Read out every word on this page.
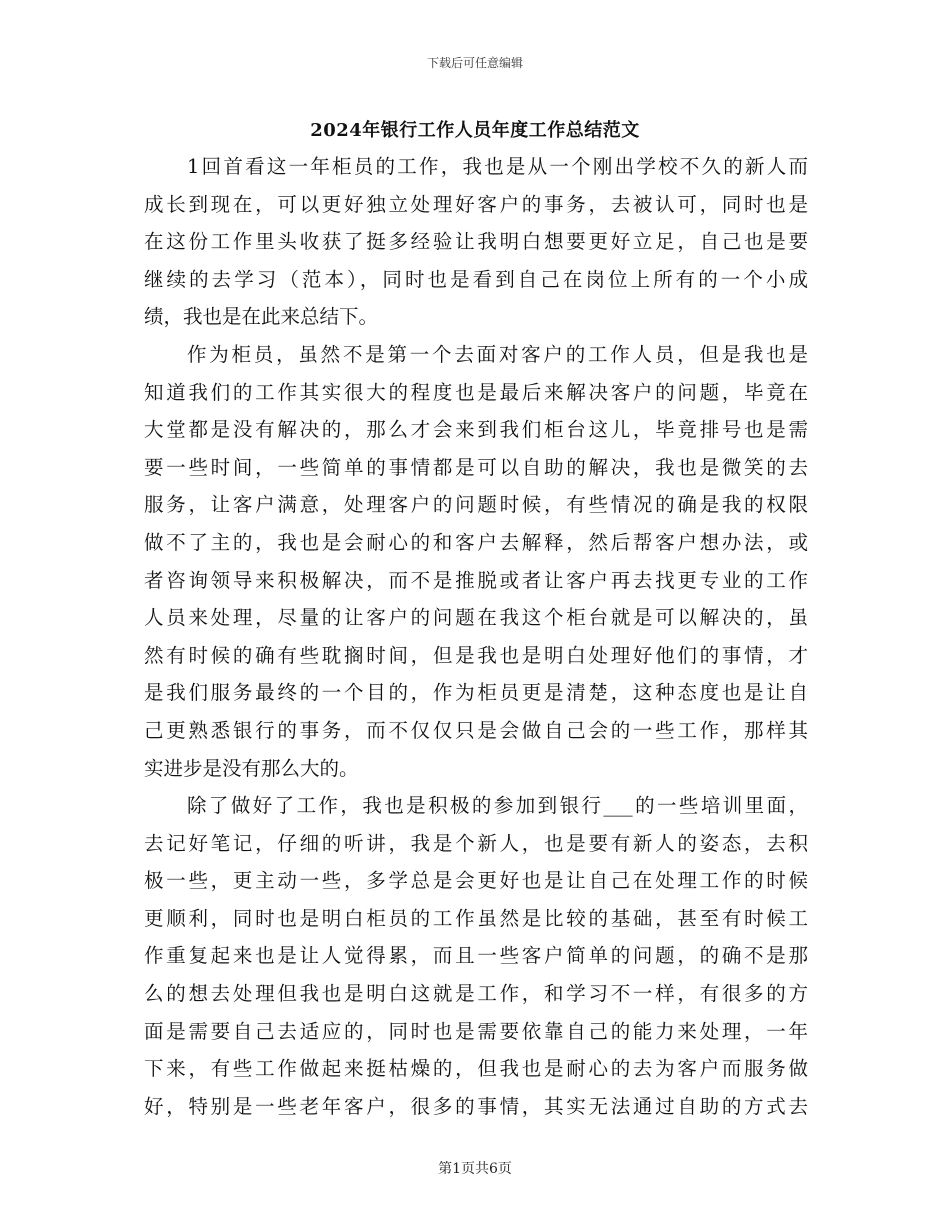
下载后可任意编辑
2024年银行工作人员年度工作总结范文
1回首看这一年柜员的工作，我也是从一个刚出学校不久的新人而
成长到现在，可以更好独立处理好客户的事务，去被认可，同时也是
在这份工作里头收获了挺多经验让我明白想要更好立足，自己也是要
继续的去学习（范本），同时也是看到自己在岗位上所有的一个小成
绩，我也是在此来总结下。
作为柜员，虽然不是第一个去面对客户的工作人员，但是我也是
知道我们的工作其实很大的程度也是最后来解决客户的问题，毕竟在
大堂都是没有解决的，那么才会来到我们柜台这儿，毕竟排号也是需
要一些时间，一些简单的事情都是可以自助的解决，我也是微笑的去
服务，让客户满意，处理客户的问题时候，有些情况的确是我的权限
做不了主的，我也是会耐心的和客户去解释，然后帮客户想办法，或
者咨询领导来积极解决，而不是推脱或者让客户再去找更专业的工作
人员来处理，尽量的让客户的问题在我这个柜台就是可以解决的，虽
然有时候的确有些耽搁时间，但是我也是明白处理好他们的事情，才
是我们服务最终的一个目的，作为柜员更是清楚，这种态度也是让自
己更熟悉银行的事务，而不仅仅只是会做自己会的一些工作，那样其
实进步是没有那么大的。
除了做好了工作，我也是积极的参加到银行___的一些培训里面，
去记好笔记，仔细的听讲，我是个新人，也是要有新人的姿态，去积
极一些，更主动一些，多学总是会更好也是让自己在处理工作的时候
更顺利，同时也是明白柜员的工作虽然是比较的基础，甚至有时候工
作重复起来也是让人觉得累，而且一些客户简单的问题，的确不是那
么的想去处理但我也是明白这就是工作，和学习不一样，有很多的方
面是需要自己去适应的，同时也是需要依靠自己的能力来处理，一年
下来，有些工作做起来挺枯燥的，但我也是耐心的去为客户而服务做
好，特别是一些老年客户，很多的事情，其实无法通过自助的方式去
第1页共6页
